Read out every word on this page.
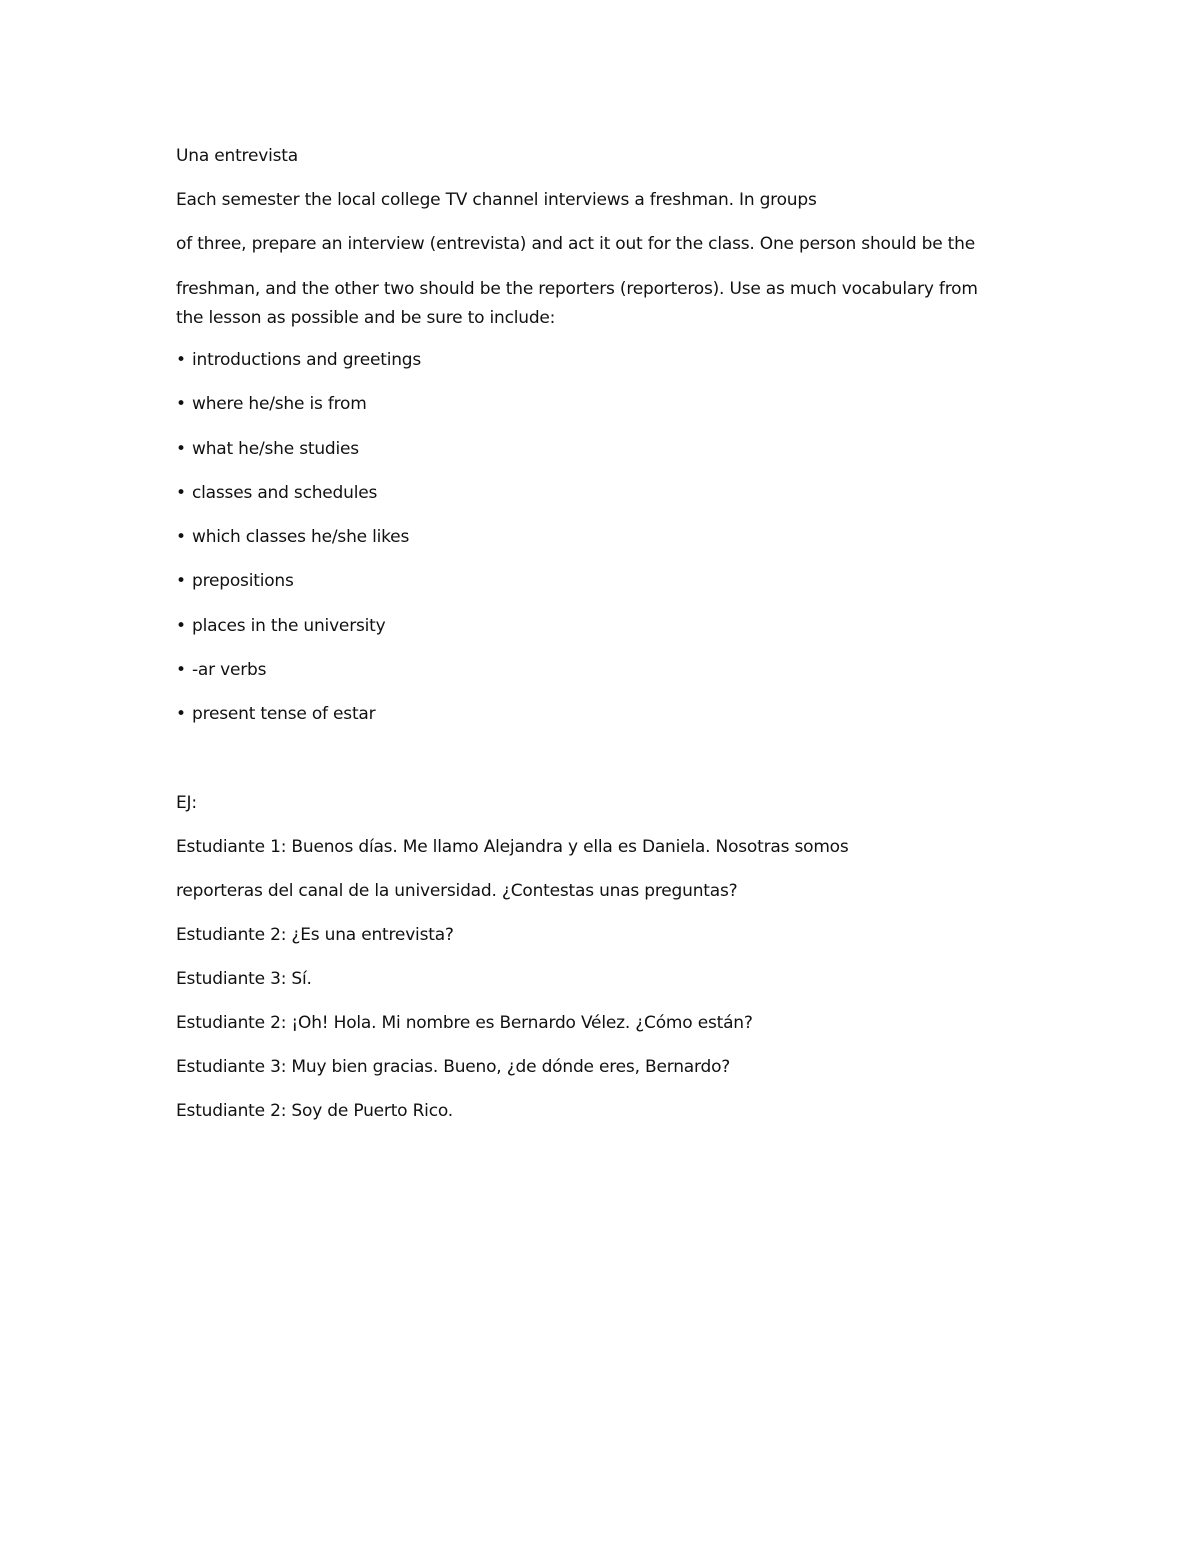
Una entrevista
Each semester the local college TV channel interviews a freshman. In groups
of three, prepare an interview (entrevista) and act it out for the class. One person should be the
freshman, and the other two should be the reporters (reporteros). Use as much vocabulary from
the lesson as possible and be sure to include:
• introductions and greetings
• where he/she is from
• what he/she studies
• classes and schedules
• which classes he/she likes
• prepositions
• places in the university
• -ar verbs
• present tense of estar
EJ:
Estudiante 1: Buenos días. Me llamo Alejandra y ella es Daniela. Nosotras somos
reporteras del canal de la universidad. ¿Contestas unas preguntas?
Estudiante 2: ¿Es una entrevista?
Estudiante 3: Sí.
Estudiante 2: ¡Oh! Hola. Mi nombre es Bernardo Vélez. ¿Cómo están?
Estudiante 3: Muy bien gracias. Bueno, ¿de dónde eres, Bernardo?
Estudiante 2: Soy de Puerto Rico.
